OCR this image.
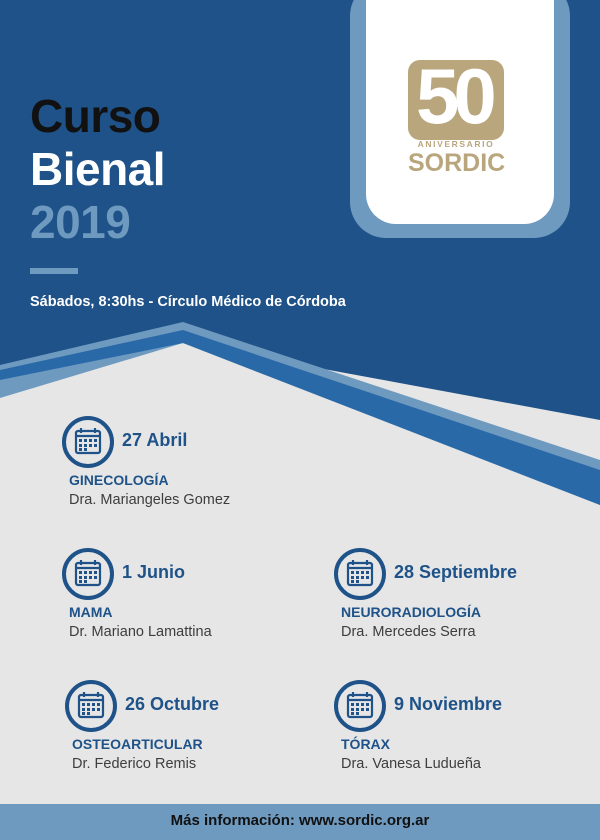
50
ANIVERSARIO
SORDIC
Curso
Bienal
2019
Sábados, 8:30hs - Círculo Médico de Córdoba
27 Abril
GINECOLOGÍA
Dra. Mariangeles Gomez
1 Junio
MAMA
Dr. Mariano Lamattina
28 Septiembre
NEURORADIOLOGÍA
Dra. Mercedes Serra
26 Octubre
OSTEOARTICULAR
Dr. Federico Remis
9 Noviembre
TÓRAX
Dra. Vanesa Ludueña
Más información: www.sordic.org.ar
